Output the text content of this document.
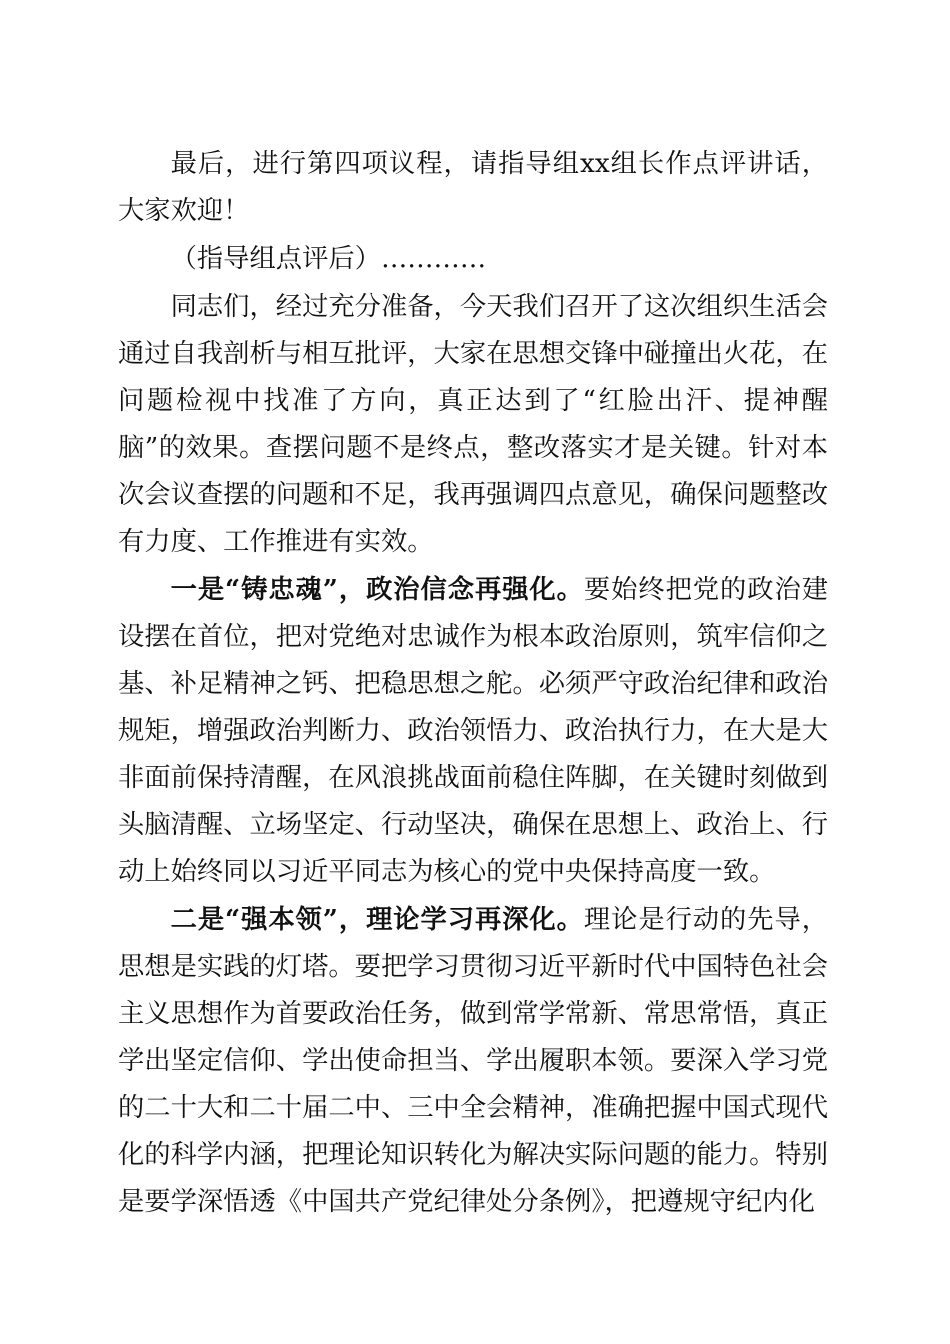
最后，进行第四项议程，请指导组xx组长作点评讲话，大家欢迎！

（指导组点评后）…………

同志们，经过充分准备，今天我们召开了这次组织生活会通过自我剖析与相互批评，大家在思想交锋中碰撞出火花，在问题检视中找准了方向，真正达到了“红脸出汗、提神醒脑”的效果。查摆问题不是终点，整改落实才是关键。针对本次会议查摆的问题和不足，我再强调四点意见，确保问题整改有力度、工作推进有实效。

一是“铸忠魂”，政治信念再强化。要始终把党的政治建设摆在首位，把对党绝对忠诚作为根本政治原则，筑牢信仰之基、补足精神之钙、把稳思想之舵。必须严守政治纪律和政治规矩，增强政治判断力、政治领悟力、政治执行力，在大是大非面前保持清醒，在风浪挑战面前稳住阵脚，在关键时刻做到头脑清醒、立场坚定、行动坚决，确保在思想上、政治上、行动上始终同以习近平同志为核心的党中央保持高度一致。

二是“强本领”，理论学习再深化。理论是行动的先导，思想是实践的灯塔。要把学习贯彻习近平新时代中国特色社会主义思想作为首要政治任务，做到常学常新、常思常悟，真正学出坚定信仰、学出使命担当、学出履职本领。要深入学习党的二十大和二十届二中、三中全会精神，准确把握中国式现代化的科学内涵，把理论知识转化为解决实际问题的能力。特别是要学深悟透《中国共产党纪律处分条例》，把遵规守纪内化
